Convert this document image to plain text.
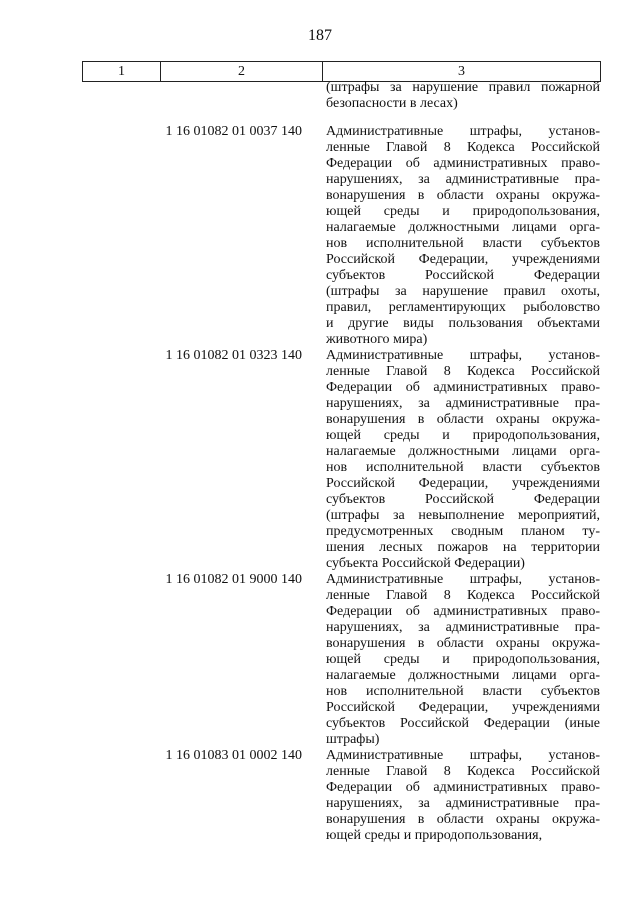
187
1	2	3
(штрафы за нарушение правил пожарной
безопасности в лесах)
1 16 01082 01 0037 140	Административные штрафы, установ-
ленные Главой 8 Кодекса Российской
Федерации об административных право-
нарушениях, за административные пра-
вонарушения в области охраны окружа-
ющей среды и природопользования,
налагаемые должностными лицами орга-
нов исполнительной власти субъектов
Российской Федерации, учреждениями
субъектов Российской Федерации
(штрафы за нарушение правил охоты,
правил, регламентирующих рыболовство
и другие виды пользования объектами
животного мира)
1 16 01082 01 0323 140	Административные штрафы, установ-
ленные Главой 8 Кодекса Российской
Федерации об административных право-
нарушениях, за административные пра-
вонарушения в области охраны окружа-
ющей среды и природопользования,
налагаемые должностными лицами орга-
нов исполнительной власти субъектов
Российской Федерации, учреждениями
субъектов Российской Федерации
(штрафы за невыполнение мероприятий,
предусмотренных сводным планом ту-
шения лесных пожаров на территории
субъекта Российской Федерации)
1 16 01082 01 9000 140	Административные штрафы, установ-
ленные Главой 8 Кодекса Российской
Федерации об административных право-
нарушениях, за административные пра-
вонарушения в области охраны окружа-
ющей среды и природопользования,
налагаемые должностными лицами орга-
нов исполнительной власти субъектов
Российской Федерации, учреждениями
субъектов Российской Федерации (иные
штрафы)
1 16 01083 01 0002 140	Административные штрафы, установ-
ленные Главой 8 Кодекса Российской
Федерации об административных право-
нарушениях, за административные пра-
вонарушения в области охраны окружа-
ющей среды и природопользования,
